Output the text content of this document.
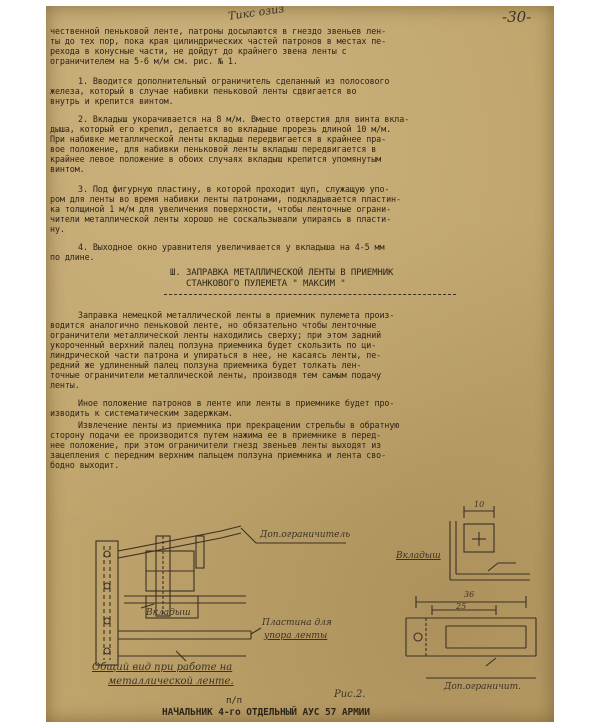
Тикс озиз	-30-
чественной пеньковой ленте, патроны досылаются в гнездо звеньев лен-
ты до тех пор, пока края цилиндрических частей патронов в местах пе-
рехода в конусные части, не дойдут до крайнего звена ленты с
ограничителем на 5-6 м/м см. рис. № 1.
1. Вводится дополнительный ограничитель сделанный из полосового
железа, который в случае набивки пеньковой ленты сдвигается во
внутрь и крепится винтом.
2. Вкладыш укорачивается на 8 м/м. Вместо отверстия для винта вкла-
дыша, который его крепил, делается во вкладыше прорезь длиной 10 м/м.
При набивке металлической ленты вкладыш передвигается в крайнее пра-
вое положение, для набивки пеньковой ленты вкладыш передвигается в
крайнее левое положение в обоих случаях вкладыш крепится упомянутым
винтом.
3. Под фигурную пластину, в которой проходит щуп, служащую упо-
ром для ленты во время набивки ленты патронами, подкладывается пластин-
ка толщиной 1 м/м для увеличения поверхности, чтобы ленточные ограни-
чители металлической ленты хорошо не соскальзывали упираясь в пласти-
ну.
4. Выходное окно уравнителя увеличивается у вкладыша на 4-5 мм
по длине.
Ш. ЗАПРАВКА МЕТАЛЛИЧЕСКОЙ ЛЕНТЫ В ПРИЕМНИК
СТАНКОВОГО ПУЛЕМЕТА " МАКСИМ "
Заправка немецкой металлической ленты в приемник пулемета произ-
водится аналогично пеньковой ленте, но обязательно чтобы ленточные
ограничители металлической ленты находились сверху; при этом задний
укороченный верхний палец ползуна приемника будет скользить по ци-
линдрической части патрона и упираться в нее, не касаясь ленты, пе-
редний же удлиненный палец ползуна приемника будет толкать лен-
точные ограничители металлической ленты, производя тем самым подачу
ленты.
Иное положение патронов в ленте или ленты в приемнике будет про-
изводить к систематическим задержкам.
Извлечение ленты из приемника при прекращении стрельбы в обратную
сторону подачи ее производится путем нажима ее в приемнике в перед-
нее положение, при этом ограничители гнезд звеньев ленты выходят из
зацепления с передним верхним пальцем ползуна приемника и лента сво-
бодно выходит.
Доп.ограничитель
Вкладыш
Пластина для
упора ленты
Общий вид при работе на
металлической ленте.
Вкладыш
10
36
25
Доп.ограничит.
Рис.2.
п/п
НАЧАЛЬНИК 4-го ОТДЕЛЬНЫЙ АУС 57 АРМИИ
